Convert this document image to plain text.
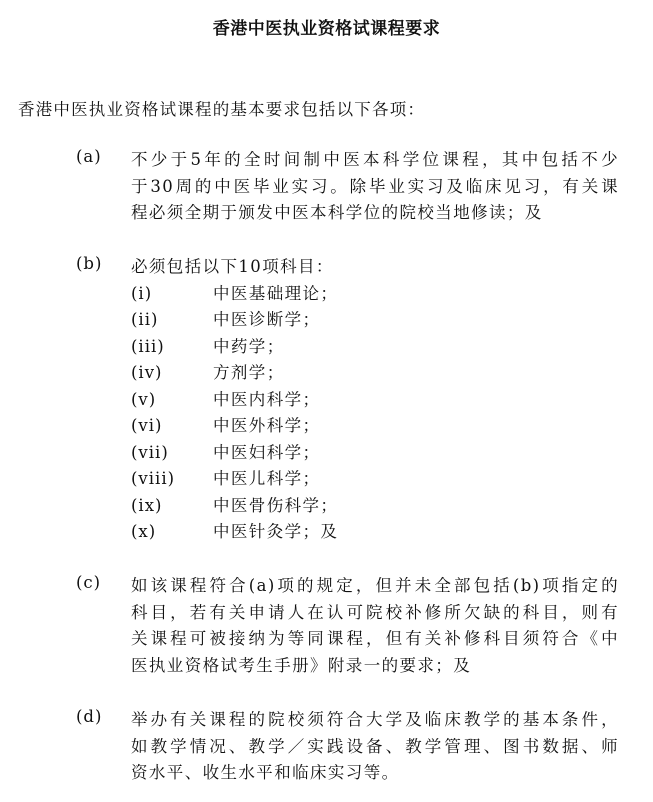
香港中医执业资格试课程要求
香港中医执业资格试课程的基本要求包括以下各项：
(a) 不少于5年的全时间制中医本科学位课程，其中包括不少
于30周的中医毕业实习。除毕业实习及临床见习，有关课
程必须全期于颁发中医本科学位的院校当地修读；及
(b) 必须包括以下10项科目：
(i)	中医基础理论；
(ii)	中医诊断学；
(iii)	中药学；
(iv)	方剂学；
(v)	中医内科学；
(vi)	中医外科学；
(vii)	中医妇科学；
(viii) 中医儿科学；
(ix)	中医骨伤科学；
(x)	中医针灸学；及
(c) 如该课程符合(a)项的规定，但并未全部包括(b)项指定的
科目，若有关申请人在认可院校补修所欠缺的科目，则有
关课程可被接纳为等同课程，但有关补修科目须符合《中
医执业资格试考生手册》附录一的要求；及
(d) 举办有关课程的院校须符合大学及临床教学的基本条件，
如教学情况、教学／实践设备、教学管理、图书数据、师
资水平、收生水平和临床实习等。
